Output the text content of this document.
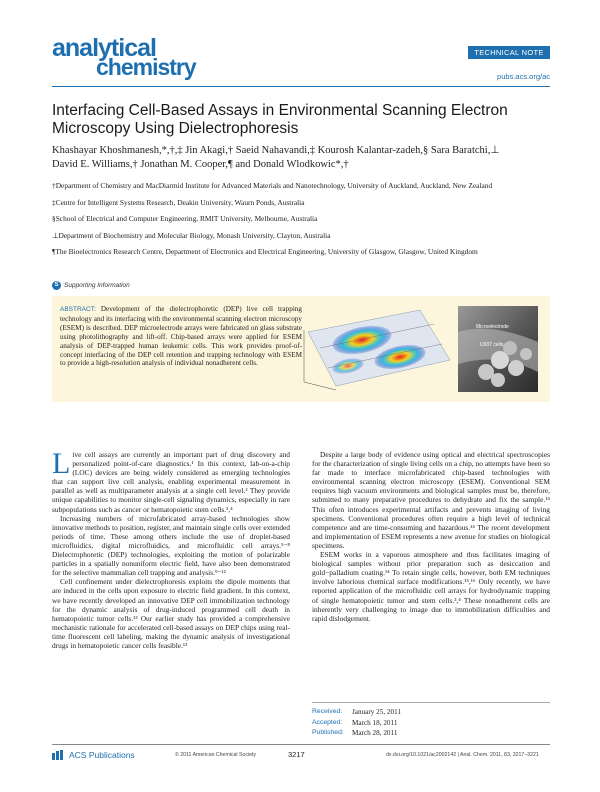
analytical
chemistry
TECHNICAL NOTE
pubs.acs.org/ac
Interfacing Cell-Based Assays in Environmental Scanning Electron Microscopy Using Dielectrophoresis
Khashayar Khoshmanesh,*,†,‡ Jin Akagi,† Saeid Nahavandi,‡ Kourosh Kalantar-zadeh,§ Sara Baratchi,⊥
David E. Williams,† Jonathan M. Cooper,¶ and Donald Wlodkowic*,†
†Department of Chemistry and MacDiarmid Institute for Advanced Materials and Nanotechnology, University of Auckland, Auckland, New Zealand
‡Centre for Intelligent Systems Research, Deakin University, Waurn Ponds, Australia
§School of Electrical and Computer Engineering, RMIT University, Melbourne, Australia
⊥Department of Biochemistry and Molecular Biology, Monash University, Clayton, Australia
¶The Bioelectronics Research Centre, Department of Electronics and Electrical Engineering, University of Glasgow, Glasgow, United Kingdom
S Supporting Information
ABSTRACT: Development of the dielectrophoretic (DEP) live cell trapping technology and its interfacing with the environmental scanning electron microscopy (ESEM) is described. DEP microelectrode arrays were fabricated on glass substrate using photolithography and lift-off. Chip-based arrays were applied for ESEM analysis of DEP-trapped human leukemic cells. This work provides proof-of-concept interfacing of the DEP cell retention and trapping technology with ESEM to provide a high-resolution analysis of individual nonadherent cells.
Microelectrode
U937 cells

Live cell assays are currently an important part of drug discovery and personalized point-of-care diagnostics.¹ In this context, lab-on-a-chip (LOC) devices are being widely considered as emerging technologies that can support live cell analysis, enabling experimental measurement in parallel as well as multiparameter analysis at a single cell level.² They provide unique capabilities to monitor single-cell signaling dynamics, especially in rare subpopulations such as cancer or hematopoietic stem cells.³,⁴

Increasing numbers of microfabricated array-based technologies show innovative methods to position, register, and maintain single cells over extended periods of time. These among others include the use of droplet-based microfluidics, digital microfluidics, and microfluidic cell arrays.⁵⁻⁸ Dielectrophoretic (DEP) technologies, exploiting the motion of polarizable particles in a spatially nonuniform electric field, have also been demonstrated for the selective mammalian cell trapping and analysis.⁹⁻¹²

Cell confinement under dielectrophoresis exploits the dipole moments that are induced in the cells upon exposure to electric field gradient. In this context, we have recently developed an innovative DEP cell immobilization technology for the dynamic analysis of drug-induced programmed cell death in hematopoietic tumor cells.¹³ Our earlier study has provided a comprehensive mechanistic rationale for accelerated cell-based assays on DEP chips using real-time fluorescent cell labeling, making the dynamic analysis of investigational drugs in hematopoietic cancer cells feasible.¹³

Despite a large body of evidence using optical and electrical spectroscopies for the characterization of single living cells on a chip, no attempts have been so far made to interface microfabricated chip-based technologies with environmental scanning electron microscopy (ESEM). Conventional SEM requires high vacuum environments and biological samples must be, therefore, submitted to many preparative procedures to dehydrate and fix the sample.¹⁴ This often introduces experimental artifacts and prevents imaging of living specimens. Conventional procedures often require a high level of technical competence and are time-consuming and hazardous.¹⁴ The recent development and implementation of ESEM represents a new avenue for studies on biological specimens.

ESEM works in a vaporous atmosphere and thus facilitates imaging of biological samples without prior preparation such as desiccation and gold−palladium coating.¹⁴ To retain single cells, however, both EM techniques involve laborious chemical surface modifications.¹⁵,¹⁶ Only recently, we have reported application of the microfluidic cell arrays for hydrodynamic trapping of single hematopoietic tumor and stem cells.³,⁴ These nonadherent cells are inherently very challenging to image due to immobilization difficulties and rapid dislodgement.

Received:	January 25, 2011
Accepted:	March 18, 2011
Published:	March 28, 2011
ACS Publications	© 2011 American Chemical Society	3217	dx.doi.org/10.1021/ac2002142 | Anal. Chem. 2011, 83, 3217−3221
